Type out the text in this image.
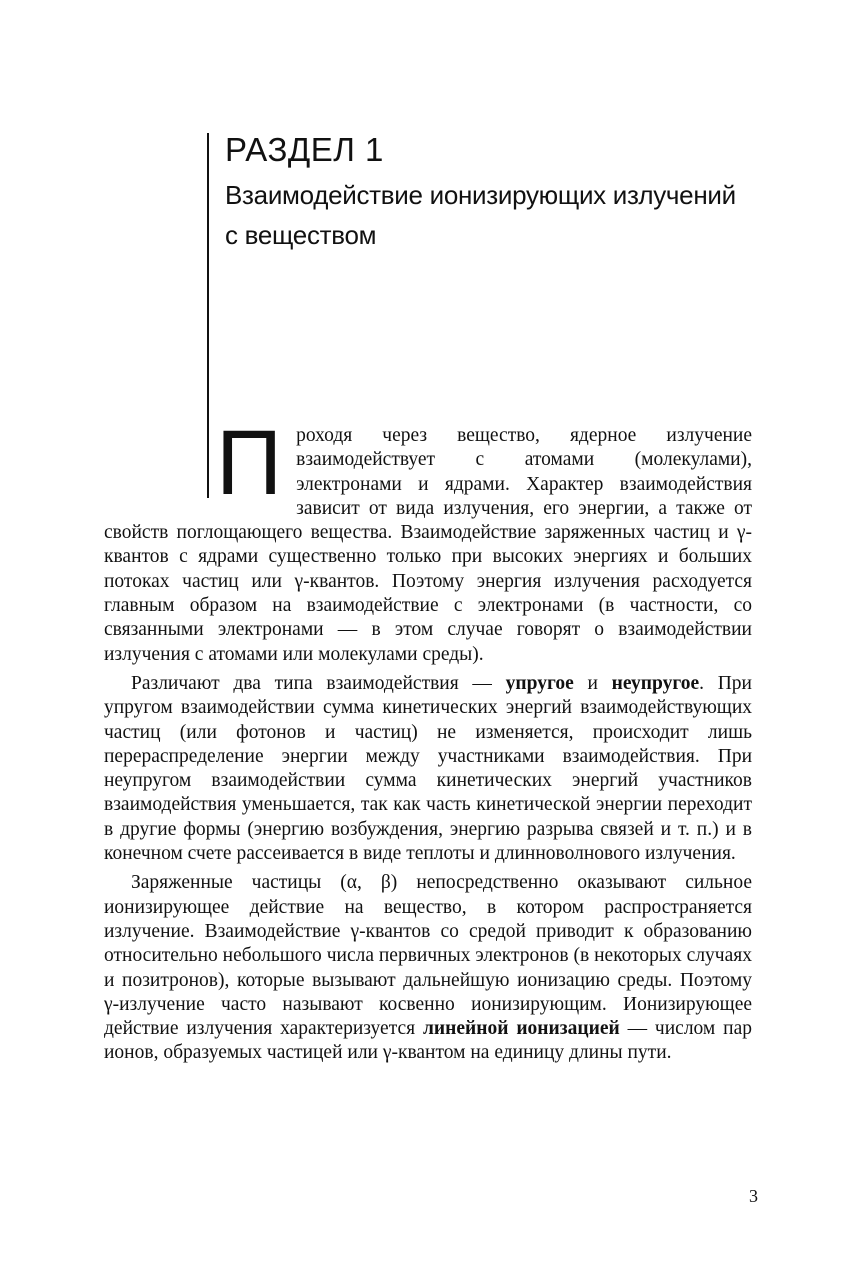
РАЗДЕЛ 1
Взаимодействие ионизирующих излучений
с веществом

Проходя через вещество, ядерное излучение взаимодействует с атомами (молекулами), электронами и ядрами. Характер взаимодействия зависит от вида излучения, его энергии, а также от свойств поглощающего вещества. Взаимодействие заряженных частиц и γ-квантов с ядрами существенно только при высоких энергиях и больших потоках частиц или γ-квантов. Поэтому энергия излучения расходуется главным образом на взаимодействие с электронами (в частности, со связанными электронами — в этом случае говорят о взаимодействии излучения с атомами или молекулами среды).

Различают два типа взаимодействия — упругое и неупругое. При упругом взаимодействии сумма кинетических энергий взаимодействующих частиц (или фотонов и частиц) не изменяется, происходит лишь перераспределение энергии между участниками взаимодействия. При неупругом взаимодействии сумма кинетических энергий участников взаимодействия уменьшается, так как часть кинетической энергии переходит в другие формы (энергию возбуждения, энергию разрыва связей и т. п.) и в конечном счете рассеивается в виде теплоты и длинноволнового излучения.

Заряженные частицы (α, β) непосредственно оказывают сильное ионизирующее действие на вещество, в котором распространяется излучение. Взаимодействие γ-квантов со средой приводит к образованию относительно небольшого числа первичных электронов (в некоторых случаях и позитронов), которые вызывают дальнейшую ионизацию среды. Поэтому γ-излучение часто называют косвенно ионизирующим. Ионизирующее действие излучения характеризуется линейной ионизацией — числом пар ионов, образуемых частицей или γ-квантом на единицу длины пути.

3
